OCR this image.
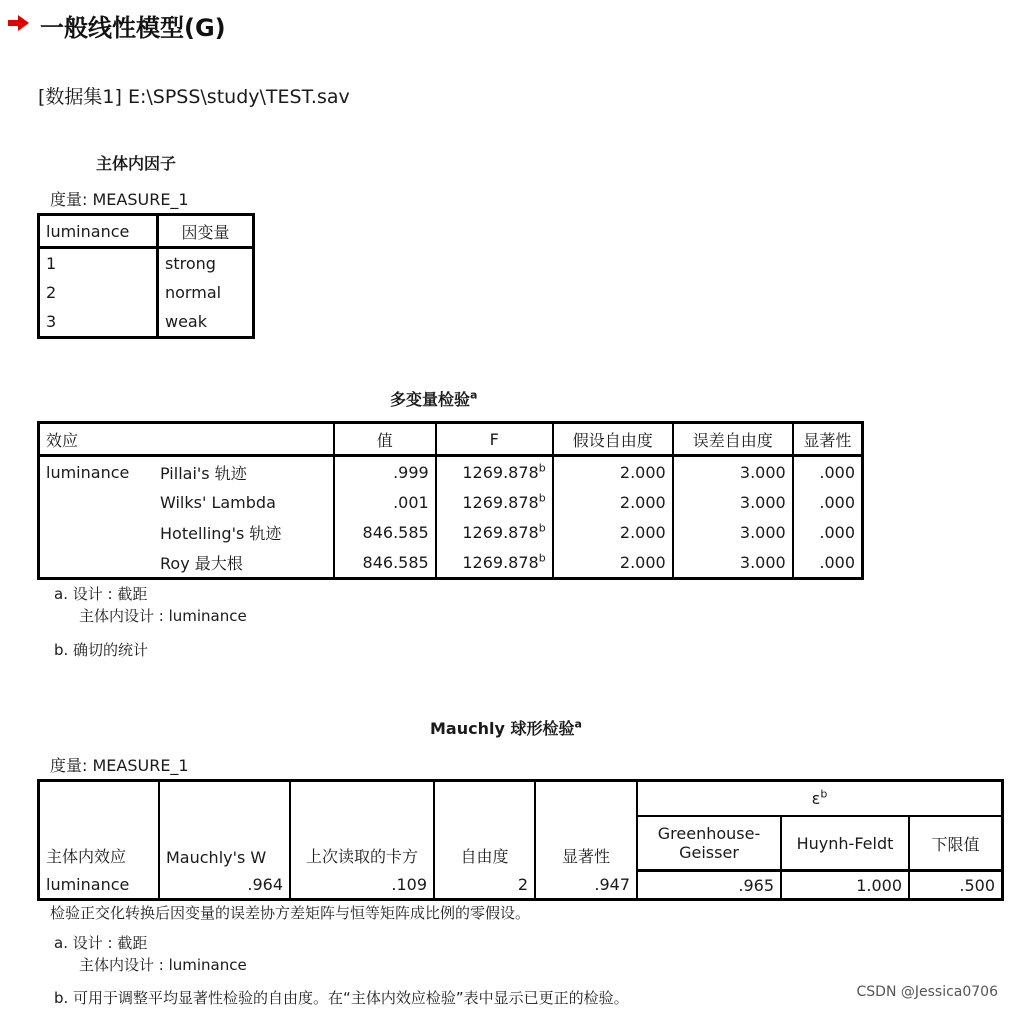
一般线性模型(G)
[数据集1] E:\SPSS\study\TEST.sav
主体内因子
度量: MEASURE_1
luminance	因变量
1	strong
2	normal
3	weak
多变量检验$^a$
效应		值	F	假设自由度	误差自由度	显著性
luminance	Pillai's 轨迹	.999	1269.878$^b$	2.000	3.000	.000
	Wilks' Lambda	.001	1269.878$^b$	2.000	3.000	.000
	Hotelling's 轨迹	846.585	1269.878$^b$	2.000	3.000	.000
	Roy 最大根	846.585	1269.878$^b$	2.000	3.000	.000
a. 设计 : 截距
主体内设计 : luminance
b. 确切的统计
Mauchly 球形检验$^a$
度量: MEASURE_1
主体内效应	Mauchly's W	上次读取的卡方	自由度	显著性	ε$^b$
					Greenhouse-Geisser	Huynh-Feldt	下限值
luminance	.964	.109	2	.947	.965	1.000	.500
检验正交化转换后因变量的误差协方差矩阵与恒等矩阵成比例的零假设。
a. 设计 : 截距
主体内设计 : luminance
b. 可用于调整平均显著性检验的自由度。在“主体内效应检验”表中显示已更正的检验。	CSDN @Jessica0706
